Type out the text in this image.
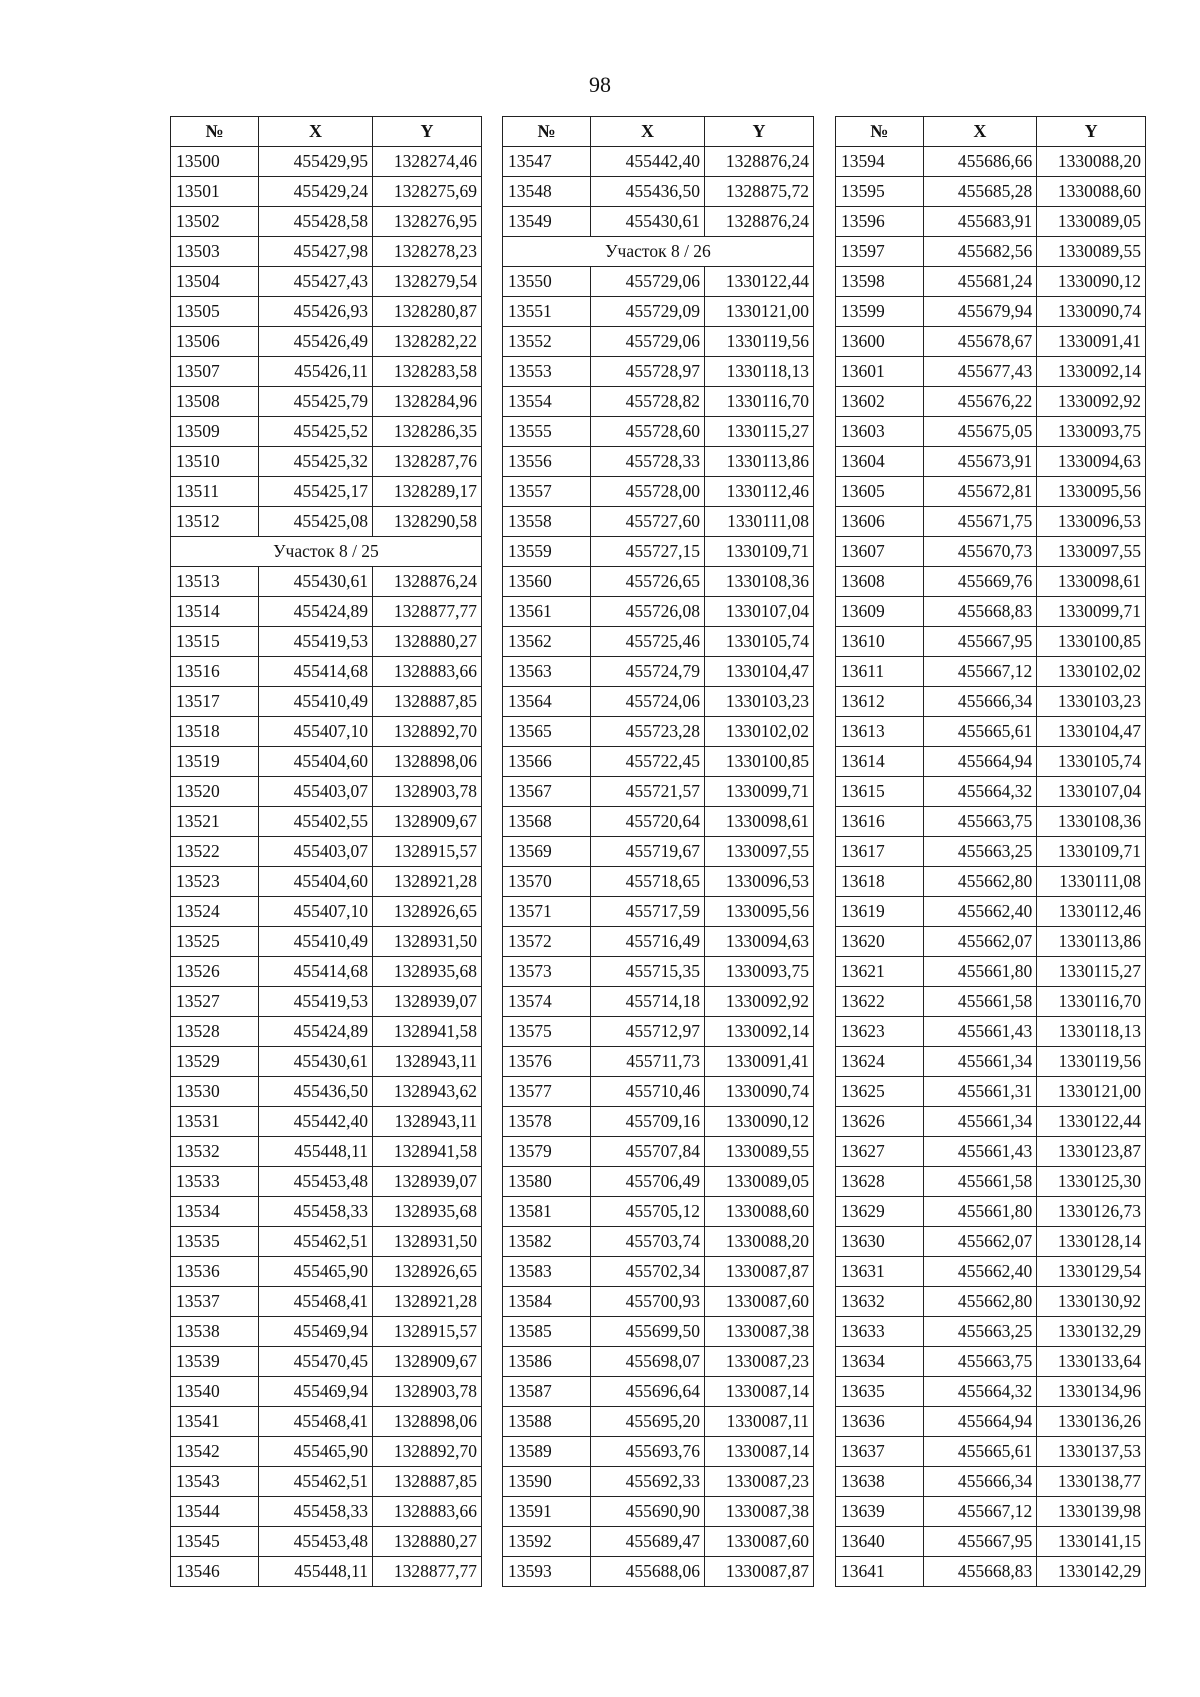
98
№	X	Y
13500	455429,95	1328274,46
13501	455429,24	1328275,69
13502	455428,58	1328276,95
13503	455427,98	1328278,23
13504	455427,43	1328279,54
13505	455426,93	1328280,87
13506	455426,49	1328282,22
13507	455426,11	1328283,58
13508	455425,79	1328284,96
13509	455425,52	1328286,35
13510	455425,32	1328287,76
13511	455425,17	1328289,17
13512	455425,08	1328290,58
Участок 8 / 25		
13513	455430,61	1328876,24
13514	455424,89	1328877,77
13515	455419,53	1328880,27
13516	455414,68	1328883,66
13517	455410,49	1328887,85
13518	455407,10	1328892,70
13519	455404,60	1328898,06
13520	455403,07	1328903,78
13521	455402,55	1328909,67
13522	455403,07	1328915,57
13523	455404,60	1328921,28
13524	455407,10	1328926,65
13525	455410,49	1328931,50
13526	455414,68	1328935,68
13527	455419,53	1328939,07
13528	455424,89	1328941,58
13529	455430,61	1328943,11
13530	455436,50	1328943,62
13531	455442,40	1328943,11
13532	455448,11	1328941,58
13533	455453,48	1328939,07
13534	455458,33	1328935,68
13535	455462,51	1328931,50
13536	455465,90	1328926,65
13537	455468,41	1328921,28
13538	455469,94	1328915,57
13539	455470,45	1328909,67
13540	455469,94	1328903,78
13541	455468,41	1328898,06
13542	455465,90	1328892,70
13543	455462,51	1328887,85
13544	455458,33	1328883,66
13545	455453,48	1328880,27
13546	455448,11	1328877,77
№	X	Y
13547	455442,40	1328876,24
13548	455436,50	1328875,72
13549	455430,61	1328876,24
Участок 8 / 26		
13550	455729,06	1330122,44
13551	455729,09	1330121,00
13552	455729,06	1330119,56
13553	455728,97	1330118,13
13554	455728,82	1330116,70
13555	455728,60	1330115,27
13556	455728,33	1330113,86
13557	455728,00	1330112,46
13558	455727,60	1330111,08
13559	455727,15	1330109,71
13560	455726,65	1330108,36
13561	455726,08	1330107,04
13562	455725,46	1330105,74
13563	455724,79	1330104,47
13564	455724,06	1330103,23
13565	455723,28	1330102,02
13566	455722,45	1330100,85
13567	455721,57	1330099,71
13568	455720,64	1330098,61
13569	455719,67	1330097,55
13570	455718,65	1330096,53
13571	455717,59	1330095,56
13572	455716,49	1330094,63
13573	455715,35	1330093,75
13574	455714,18	1330092,92
13575	455712,97	1330092,14
13576	455711,73	1330091,41
13577	455710,46	1330090,74
13578	455709,16	1330090,12
13579	455707,84	1330089,55
13580	455706,49	1330089,05
13581	455705,12	1330088,60
13582	455703,74	1330088,20
13583	455702,34	1330087,87
13584	455700,93	1330087,60
13585	455699,50	1330087,38
13586	455698,07	1330087,23
13587	455696,64	1330087,14
13588	455695,20	1330087,11
13589	455693,76	1330087,14
13590	455692,33	1330087,23
13591	455690,90	1330087,38
13592	455689,47	1330087,60
13593	455688,06	1330087,87
№	X	Y
13594	455686,66	1330088,20
13595	455685,28	1330088,60
13596	455683,91	1330089,05
13597	455682,56	1330089,55
13598	455681,24	1330090,12
13599	455679,94	1330090,74
13600	455678,67	1330091,41
13601	455677,43	1330092,14
13602	455676,22	1330092,92
13603	455675,05	1330093,75
13604	455673,91	1330094,63
13605	455672,81	1330095,56
13606	455671,75	1330096,53
13607	455670,73	1330097,55
13608	455669,76	1330098,61
13609	455668,83	1330099,71
13610	455667,95	1330100,85
13611	455667,12	1330102,02
13612	455666,34	1330103,23
13613	455665,61	1330104,47
13614	455664,94	1330105,74
13615	455664,32	1330107,04
13616	455663,75	1330108,36
13617	455663,25	1330109,71
13618	455662,80	1330111,08
13619	455662,40	1330112,46
13620	455662,07	1330113,86
13621	455661,80	1330115,27
13622	455661,58	1330116,70
13623	455661,43	1330118,13
13624	455661,34	1330119,56
13625	455661,31	1330121,00
13626	455661,34	1330122,44
13627	455661,43	1330123,87
13628	455661,58	1330125,30
13629	455661,80	1330126,73
13630	455662,07	1330128,14
13631	455662,40	1330129,54
13632	455662,80	1330130,92
13633	455663,25	1330132,29
13634	455663,75	1330133,64
13635	455664,32	1330134,96
13636	455664,94	1330136,26
13637	455665,61	1330137,53
13638	455666,34	1330138,77
13639	455667,12	1330139,98
13640	455667,95	1330141,15
13641	455668,83	1330142,29
